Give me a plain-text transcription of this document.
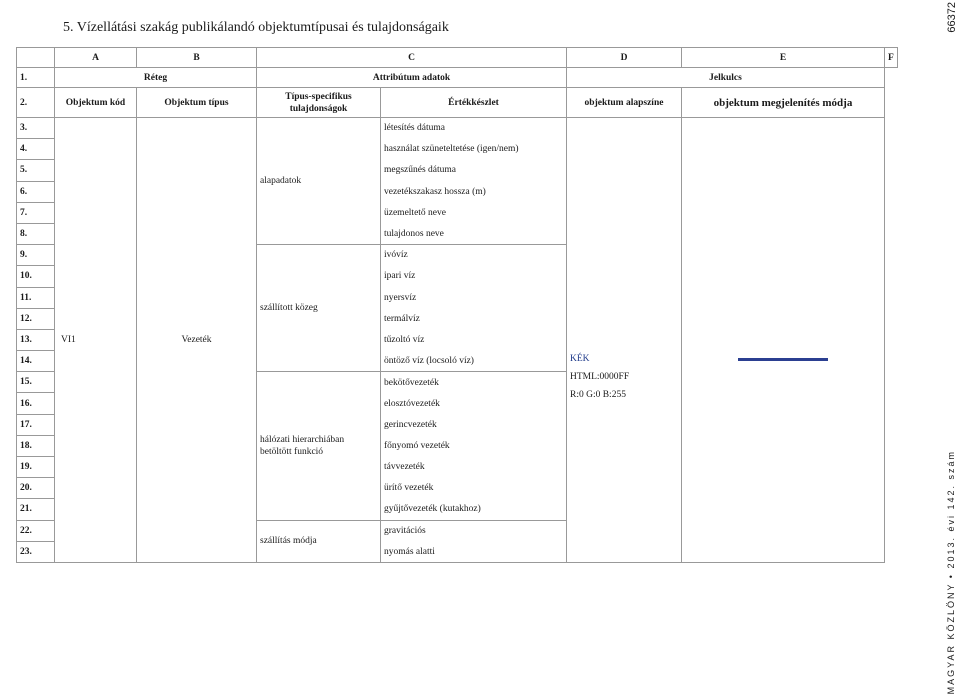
5. Vízellátási szakág publikálandó objektumtípusai és tulajdonságaik	66372
MAGYAR KÖZLÖNY • 2013. évi 142. szám
	A	B	C		D	E	F
1.	Réteg		Attribútum adatok		Jelkulcs		
2.	Objektum kód	Objektum típus	Típus-specifikus tulajdonságok	Értékkészlet	objektum alapszíne	objektum megjelenítés módja	
3.	VI1	Vezeték	alapadatok	létesítés dátuma	KÉK
HTML:0000FF
R:0 G:0 B:255	

4.				használat szüneteltetése (igen/nem)		
5.				megszűnés dátuma		
6.				vezetékszakasz hossza (m)		
7.				üzemeltető neve		
8.				tulajdonos neve		
9.			szállított közeg	ivóvíz		
10.				ipari víz		
11.				nyersvíz		
12.				termálvíz		
13.				tűzoltó víz		
14.				öntöző víz (locsoló víz)		
15.			hálózati hierarchiában betöltött funkció	bekötővezeték		
16.				elosztóvezeték		
17.				gerincvezeték		
18.				főnyomó vezeték		
19.				távvezeték		
20.				ürítő vezeték		
21.				gyűjtővezeték (kutakhoz)		
22.			szállítás módja	gravitációs		
23.				nyomás alatti		
